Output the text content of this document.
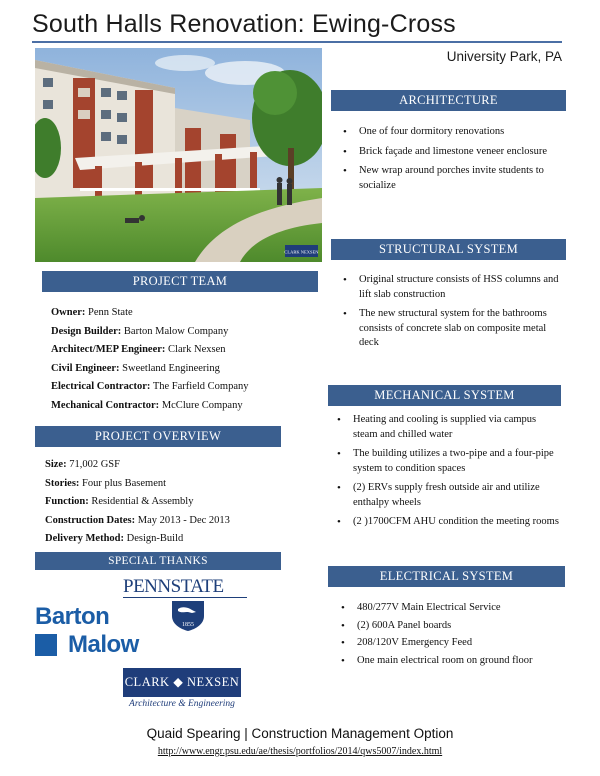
South Halls Renovation: Ewing-Cross
University Park, PA
CLARK NEXSEN
ARCHITECTURE
• One of four dormitory renovations
• Brick façade and limestone veneer enclosure
• New wrap around porches invite students to socialize
STRUCTURAL SYSTEM
• Original structure consists of HSS columns and lift slab construction
• The new structural system for the bathrooms consists of concrete slab on composite metal deck
MECHANICAL SYSTEM
• Heating and cooling is supplied via campus steam and chilled water
• The building utilizes a two-pipe and a four-pipe system to condition spaces
• (2) ERVs supply fresh outside air and utilize enthalpy wheels
• (2 )1700CFM AHU condition the meeting rooms
ELECTRICAL SYSTEM
• 480/277V Main Electrical Service
• (2) 600A Panel boards
• 208/120V Emergency Feed
• One main electrical room on ground floor
PROJECT TEAM
Owner: Penn State
Design Builder: Barton Malow Company
Architect/MEP Engineer: Clark Nexsen
Civil Engineer: Sweetland Engineering
Electrical Contractor: The Farfield Company
Mechanical Contractor: McClure Company
PROJECT OVERVIEW
Size: 71,002 GSF
Stories: Four plus Basement
Function: Residential & Assembly
Construction Dates: May 2013 - Dec 2013
Delivery Method: Design-Build
SPECIAL THANKS
PENNSTATE
1855
Barton
Malow
CLARK ◆ NEXSEN
Architecture & Engineering
Quaid Spearing | Construction Management Option
http://www.engr.psu.edu/ae/thesis/portfolios/2014/qws5007/index.html
